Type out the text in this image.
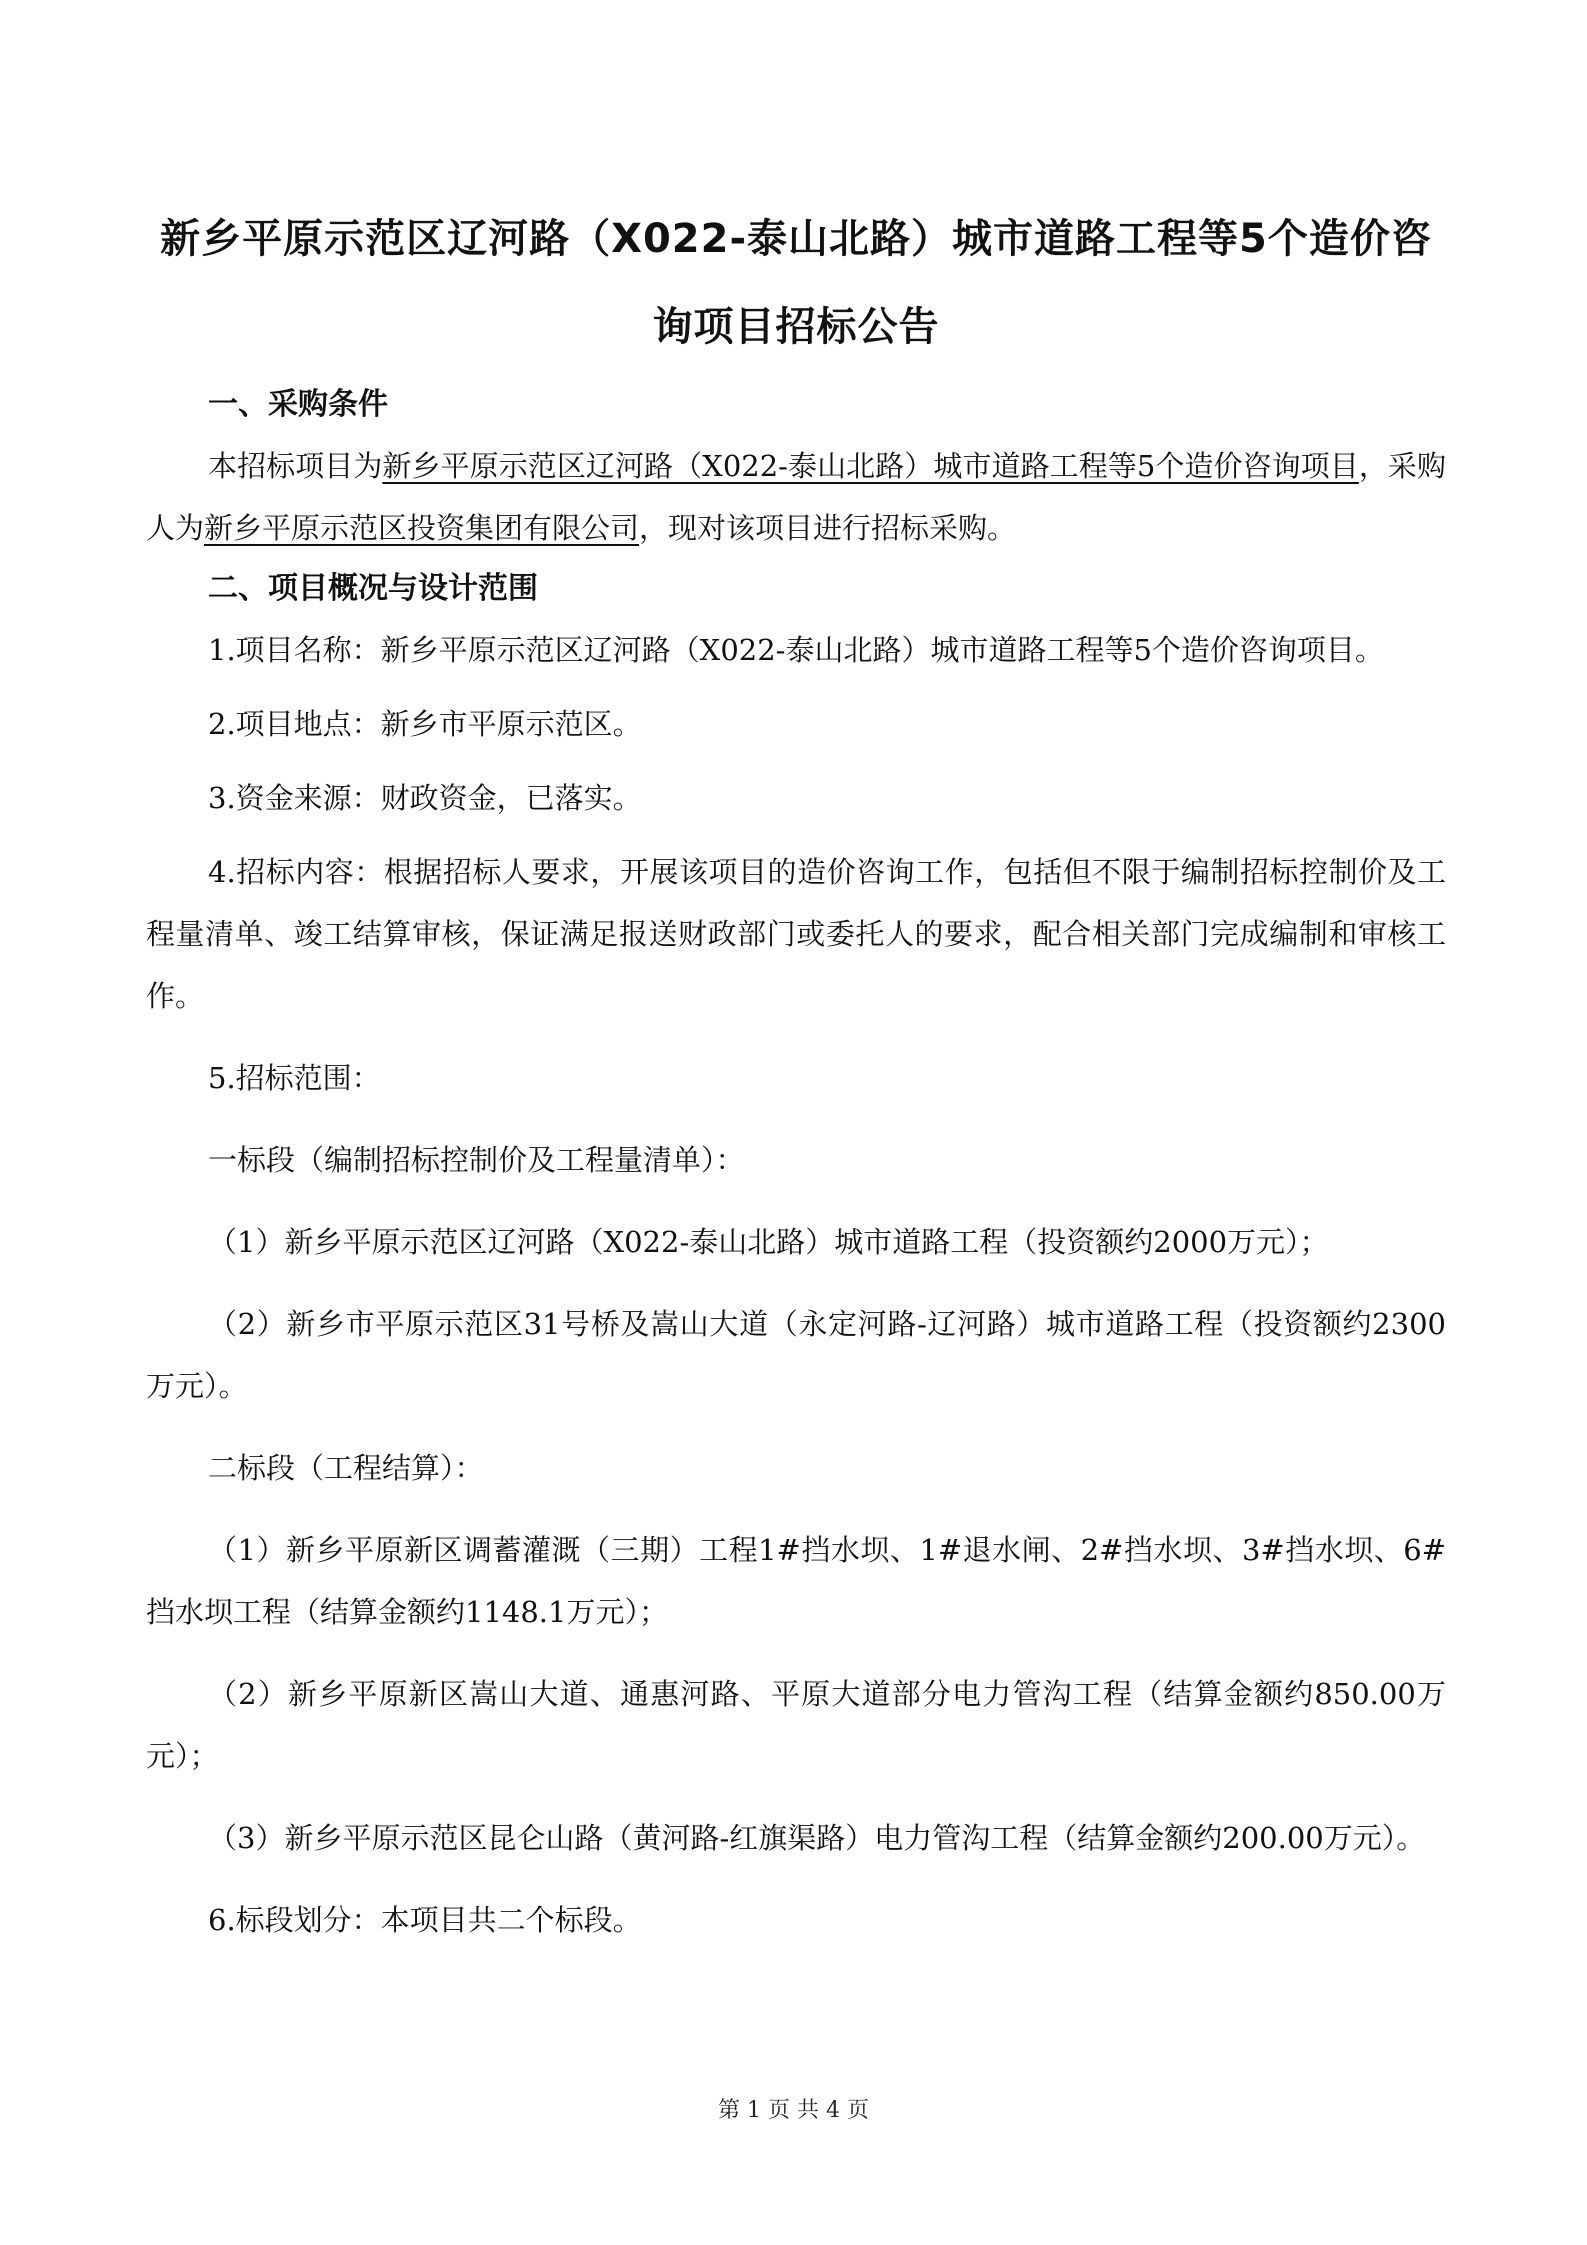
新乡平原示范区辽河路（X022-泰山北路）城市道路工程等5个造价咨
询项目招标公告

一、采购条件

本招标项目为新乡平原示范区辽河路（X022-泰山北路）城市道路工程等5个造价咨询项目，采购人为新乡平原示范区投资集团有限公司，现对该项目进行招标采购。

二、项目概况与设计范围

1.项目名称：新乡平原示范区辽河路（X022-泰山北路）城市道路工程等5个造价咨询项目。

2.项目地点：新乡市平原示范区。

3.资金来源：财政资金，已落实。

4.招标内容：根据招标人要求，开展该项目的造价咨询工作，包括但不限于编制招标控制价及工程量清单、竣工结算审核，保证满足报送财政部门或委托人的要求，配合相关部门完成编制和审核工作。

5.招标范围：

一标段（编制招标控制价及工程量清单）：

（1）新乡平原示范区辽河路（X022-泰山北路）城市道路工程（投资额约2000万元）；

（2）新乡市平原示范区31号桥及嵩山大道（永定河路-辽河路）城市道路工程（投资额约2300万元）。

二标段（工程结算）：

（1）新乡平原新区调蓄灌溉（三期）工程1#挡水坝、1#退水闸、2#挡水坝、3#挡水坝、6#挡水坝工程（结算金额约1148.1万元）；

（2）新乡平原新区嵩山大道、通惠河路、平原大道部分电力管沟工程（结算金额约850.00万元）；

（3）新乡平原示范区昆仑山路（黄河路-红旗渠路）电力管沟工程（结算金额约200.00万元）。

6.标段划分：本项目共二个标段。

第 1 页 共 4 页
